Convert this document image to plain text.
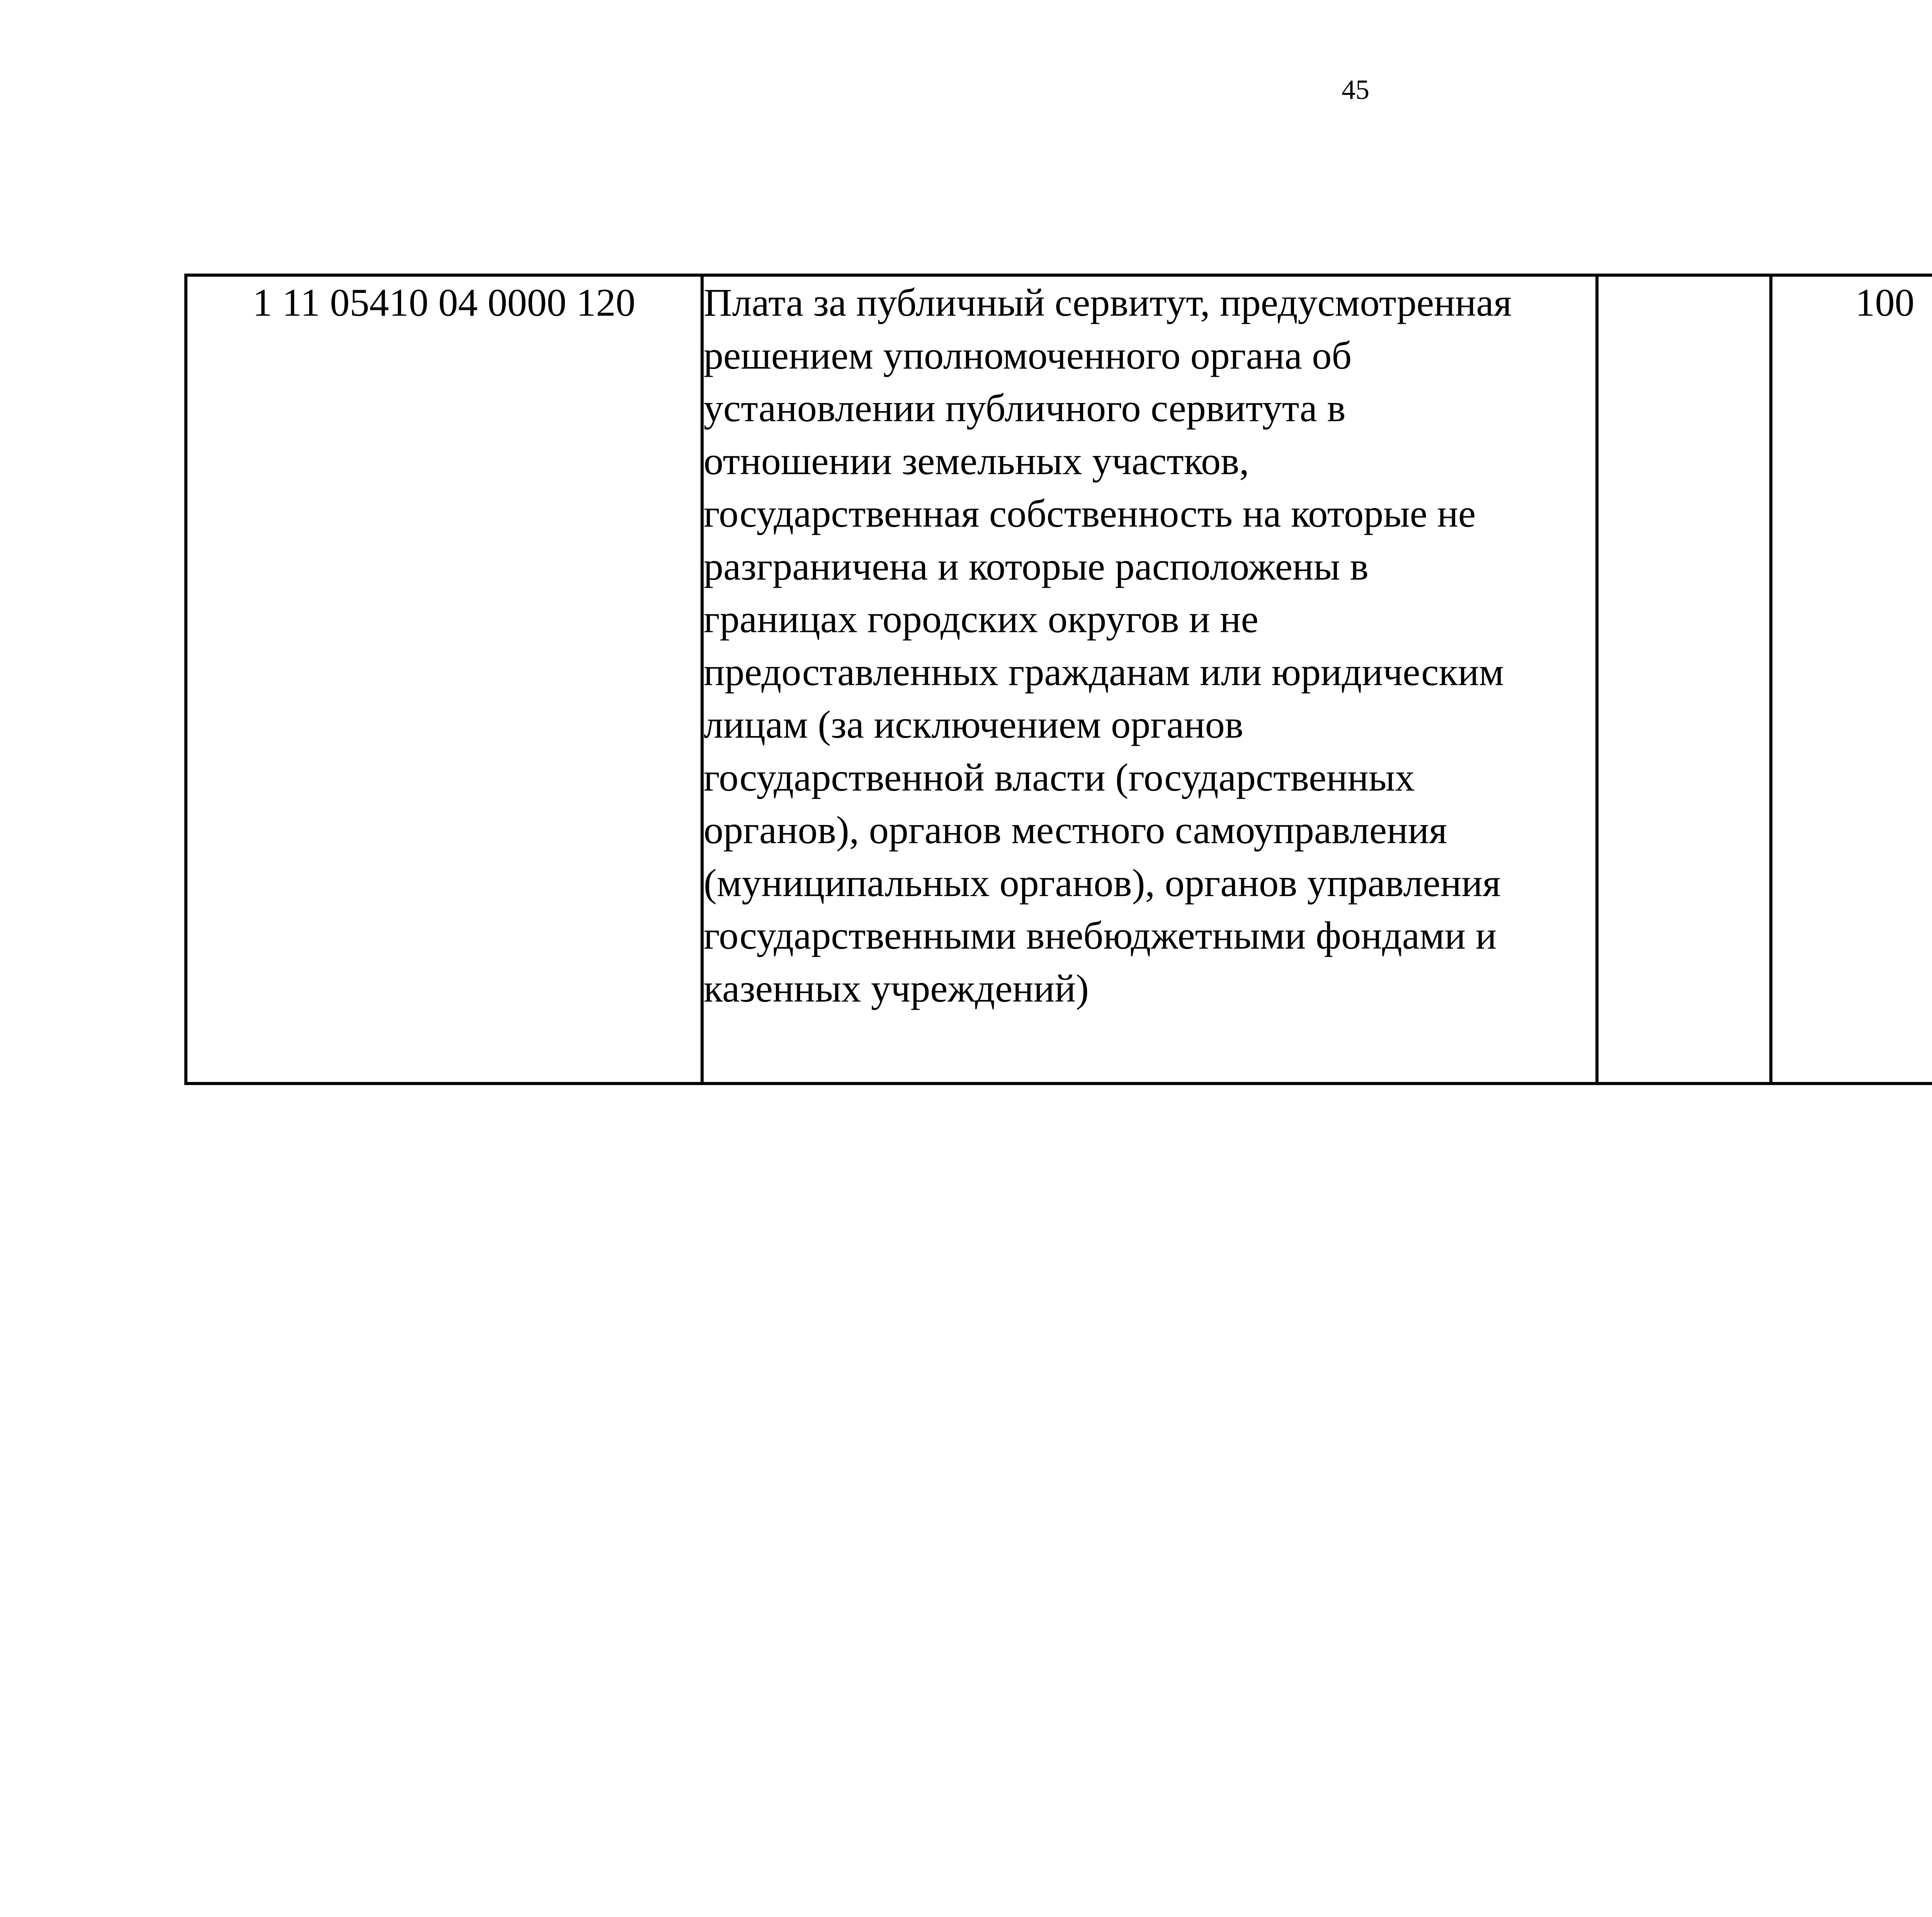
45
1 11 05410 04 0000 120	Плата за публичный сервитут, предусмотренная
решением уполномоченного органа об
установлении публичного сервитута в
отношении земельных участков,
государственная собственность на которые не
разграничена и которые расположены в
границах городских округов и не
предоставленных гражданам или юридическим
лицам (за исключением органов
государственной власти (государственных
органов), органов местного самоуправления
(муниципальных органов), органов управления
государственными внебюджетными фондами и
казенных учреждений)
		100			
